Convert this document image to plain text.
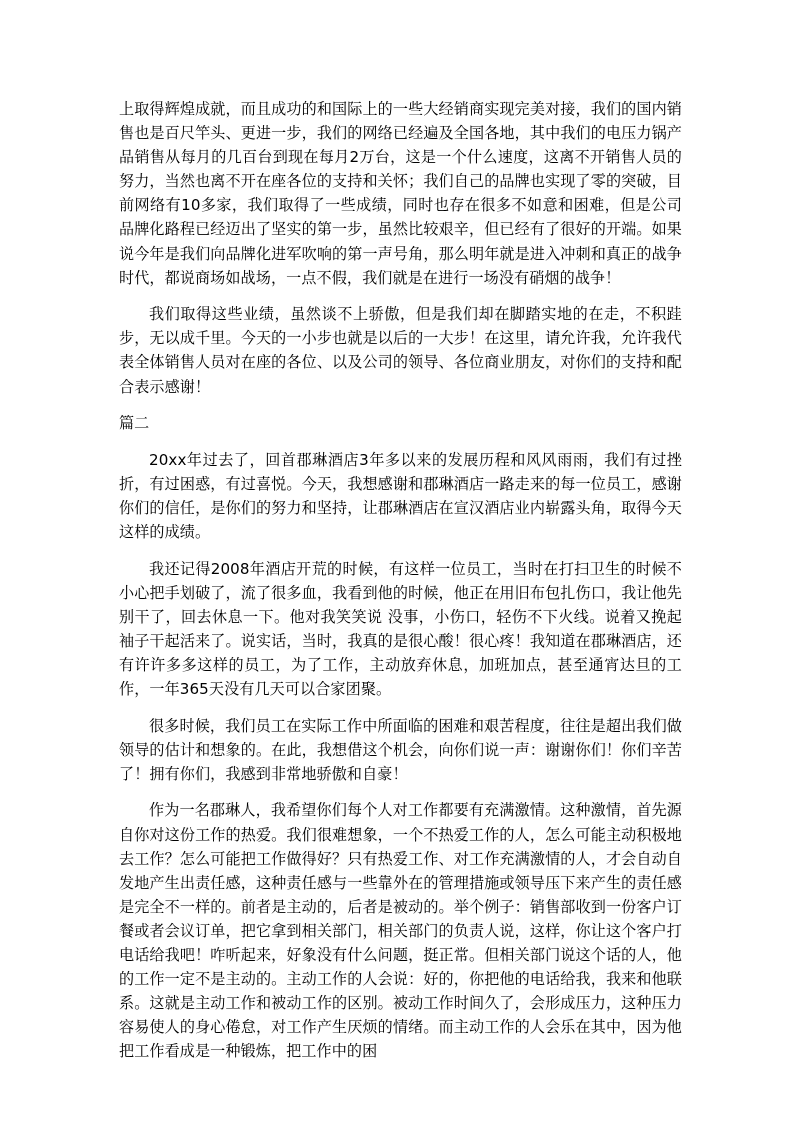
上取得辉煌成就，而且成功的和国际上的一些大经销商实现完美对接，我们的国内销售也是百尺竿头、更进一步，我们的网络已经遍及全国各地，其中我们的电压力锅产品销售从每月的几百台到现在每月2万台，这是一个什么速度，这离不开销售人员的努力，当然也离不开在座各位的支持和关怀；我们自己的品牌也实现了零的突破，目前网络有10多家，我们取得了一些成绩，同时也存在很多不如意和困难，但是公司品牌化路程已经迈出了坚实的第一步，虽然比较艰辛，但已经有了很好的开端。如果说今年是我们向品牌化进军吹响的第一声号角，那么明年就是进入冲刺和真正的战争时代，都说商场如战场，一点不假，我们就是在进行一场没有硝烟的战争！

我们取得这些业绩，虽然谈不上骄傲，但是我们却在脚踏实地的在走，不积跬步，无以成千里。今天的一小步也就是以后的一大步！在这里，请允许我，允许我代表全体销售人员对在座的各位、以及公司的领导、各位商业朋友，对你们的支持和配合表示感谢！

篇二

20xx年过去了，回首郡琳酒店3年多以来的发展历程和风风雨雨，我们有过挫折，有过困惑，有过喜悦。今天，我想感谢和郡琳酒店一路走来的每一位员工，感谢你们的信任，是你们的努力和坚持，让郡琳酒店在宣汉酒店业内崭露头角，取得今天这样的成绩。

我还记得2008年酒店开荒的时候，有这样一位员工，当时在打扫卫生的时候不小心把手划破了，流了很多血，我看到他的时候，他正在用旧布包扎伤口，我让他先别干了，回去休息一下。他对我笑笑说 没事，小伤口，轻伤不下火线。说着又挽起袖子干起活来了。说实话，当时，我真的是很心酸！很心疼！我知道在郡琳酒店，还有许许多多这样的员工，为了工作，主动放弃休息，加班加点，甚至通宵达旦的工作，一年365天没有几天可以合家团聚。

很多时候，我们员工在实际工作中所面临的困难和艰苦程度，往往是超出我们做领导的估计和想象的。在此，我想借这个机会，向你们说一声：谢谢你们！你们辛苦了！拥有你们，我感到非常地骄傲和自豪！

作为一名郡琳人，我希望你们每个人对工作都要有充满激情。这种激情，首先源自你对这份工作的热爱。我们很难想象，一个不热爱工作的人，怎么可能主动积极地去工作？怎么可能把工作做得好？只有热爱工作、对工作充满激情的人，才会自动自发地产生出责任感，这种责任感与一些靠外在的管理措施或领导压下来产生的责任感是完全不一样的。前者是主动的，后者是被动的。举个例子：销售部收到一份客户订餐或者会议订单，把它拿到相关部门，相关部门的负责人说，这样，你让这个客户打电话给我吧！咋听起来，好象没有什么问题，挺正常。但相关部门说这个话的人，他的工作一定不是主动的。主动工作的人会说：好的，你把他的电话给我，我来和他联系。这就是主动工作和被动工作的区别。被动工作时间久了，会形成压力，这种压力容易使人的身心倦怠，对工作产生厌烦的情绪。而主动工作的人会乐在其中，因为他把工作看成是一种锻炼，把工作中的困
